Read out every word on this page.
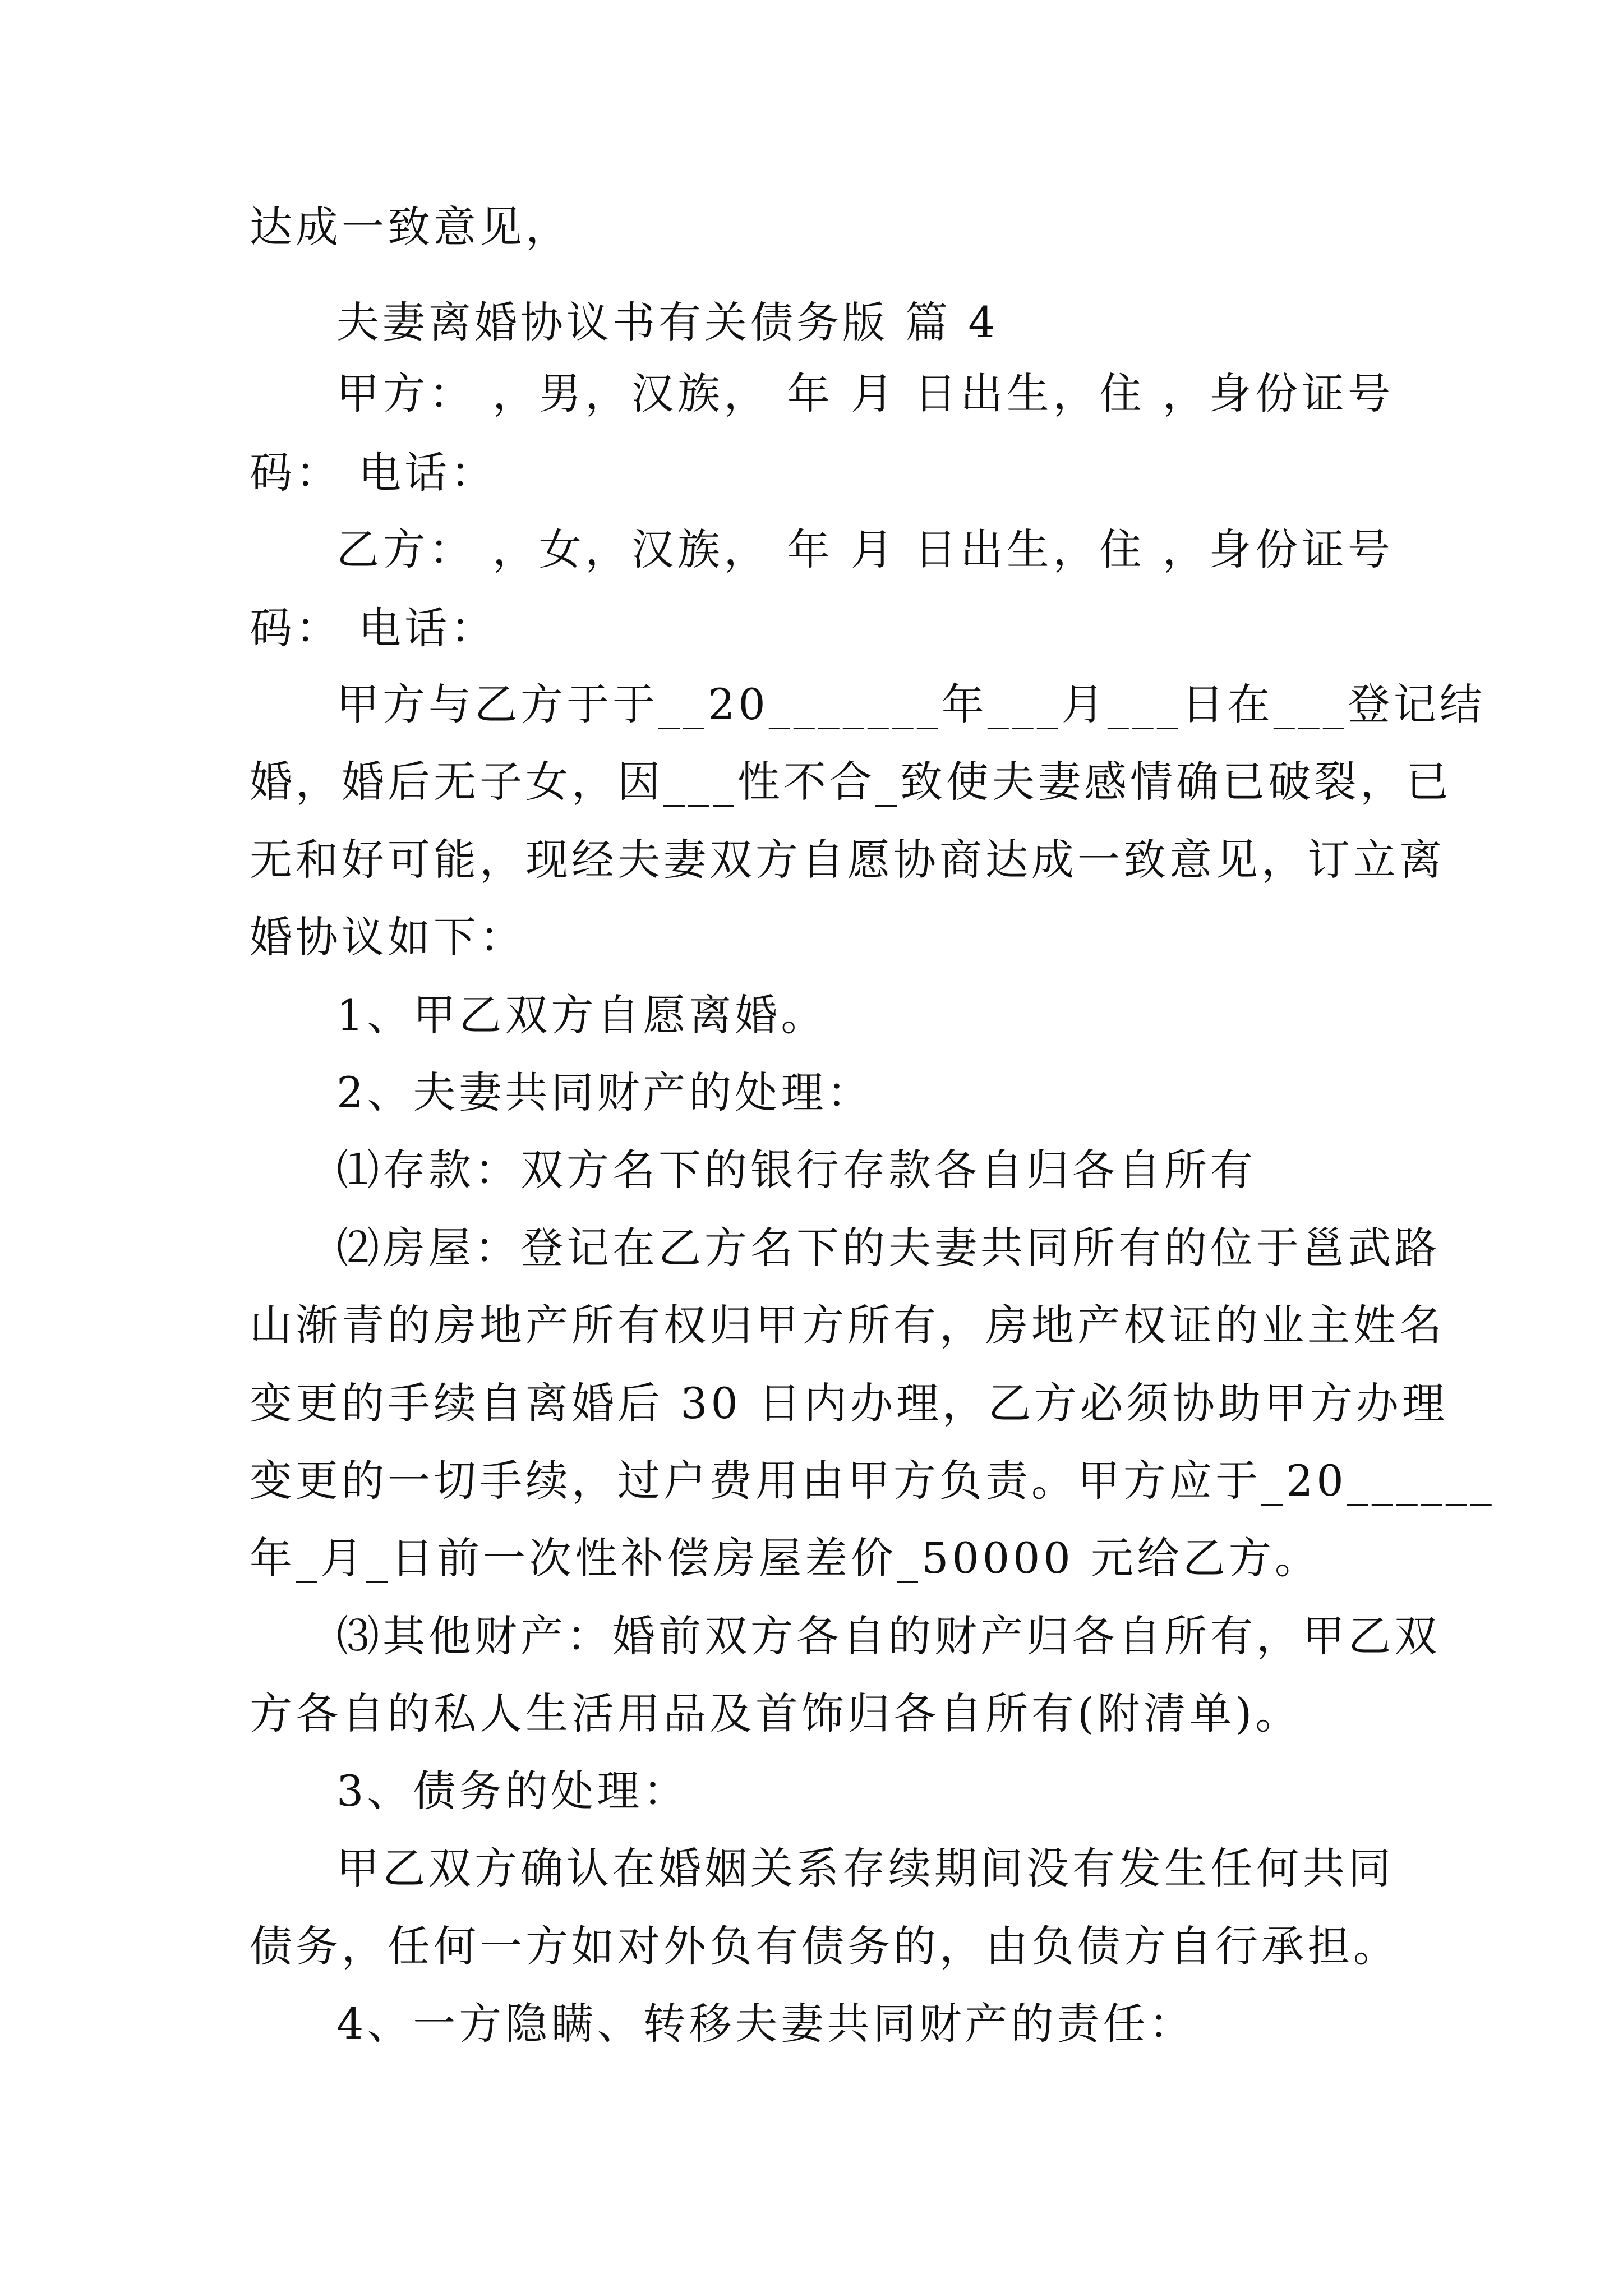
达成一致意见，
夫妻离婚协议书有关债务版 篇 4
甲方： ，男，汉族， 年 月 日出生，住 ，身份证号
码： 电话：
乙方： ，女，汉族， 年 月 日出生，住 ，身份证号
码： 电话：
甲方与乙方于于__20_______年___月___日在___登记结
婚，婚后无子女，因___性不合_致使夫妻感情确已破裂，已
无和好可能，现经夫妻双方自愿协商达成一致意见，订立离
婚协议如下：
1、甲乙双方自愿离婚。
2、夫妻共同财产的处理：
⑴存款：双方名下的银行存款各自归各自所有
⑵房屋：登记在乙方名下的夫妻共同所有的位于邕武路
山渐青的房地产所有权归甲方所有，房地产权证的业主姓名
变更的手续自离婚后 30 日内办理，乙方必须协助甲方办理
变更的一切手续，过户费用由甲方负责。甲方应于_20______
年_月_日前一次性补偿房屋差价_50000 元给乙方。
⑶其他财产：婚前双方各自的财产归各自所有，甲乙双
方各自的私人生活用品及首饰归各自所有(附清单)。
3、债务的处理：
甲乙双方确认在婚姻关系存续期间没有发生任何共同
债务，任何一方如对外负有债务的，由负债方自行承担。
4、一方隐瞒、转移夫妻共同财产的责任：
